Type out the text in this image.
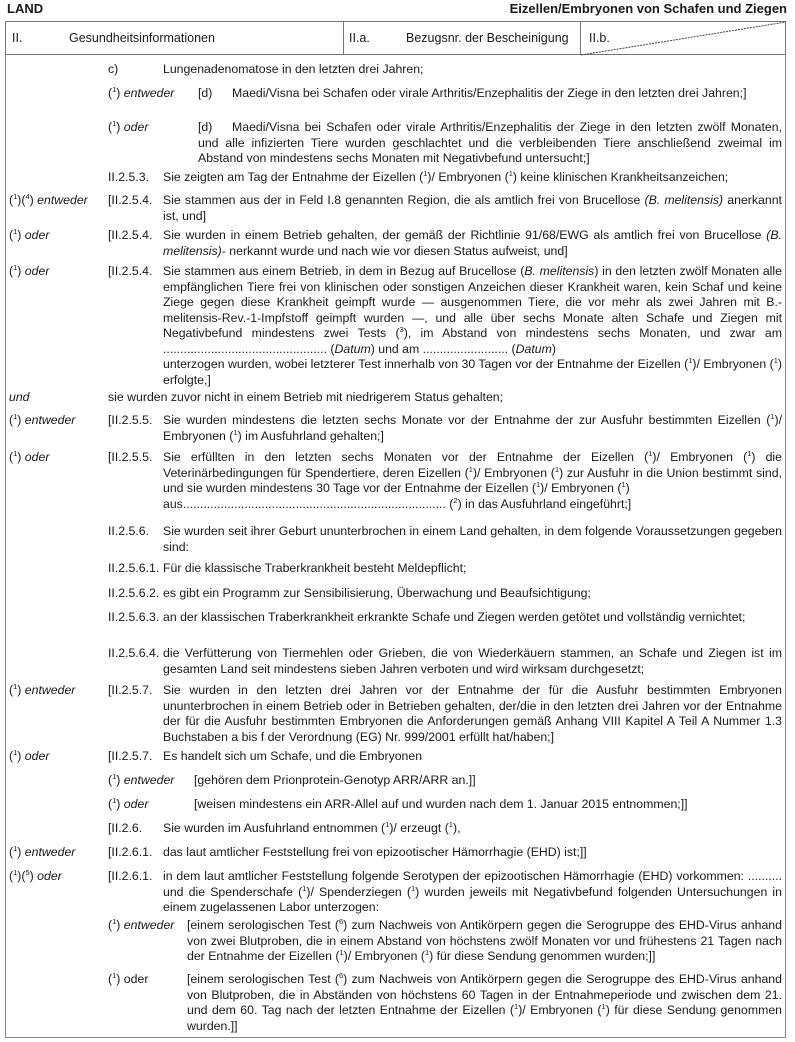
LAND	Eizellen/Embryonen von Schafen und Ziegen
II.	Gesundheitsinformationen	II.a.	Bezugsnr. der Bescheinigung II.b.
c)	Lungenadenomatose in den letzten drei Jahren;
($^1$) entweder [d)	Maedi/Visna bei Schafen oder virale Arthritis/Enzephalitis der Ziege in den letzten drei Jahren;]
($^1$) oder	[d)	Maedi/Visna bei Schafen oder virale Arthritis/Enzephalitis der Ziege in den letzten zwölf Monaten, und alle infizierten Tiere wurden geschlachtet und die verbleibenden Tiere anschließend zweimal im Abstand von mindestens sechs Monaten mit Negativbefund untersucht;]
II.2.5.3. Sie zeigten am Tag der Entnahme der Eizellen ($^1$)/ Embryonen ($^1$) keine klinischen Krankheitsanzeichen;
($^1$)($^4$) entweder [II.2.5.4. Sie stammen aus der in Feld I.8 genannten Region, die als amtlich frei von Brucellose (B. melitensis) anerkannt ist, und]
($^1$) oder	[II.2.5.4. Sie wurden in einem Betrieb gehalten, der gemäß der Richtlinie 91/68/EWG als amtlich frei von Brucellose (B. melitensis)- nerkannt wurde und nach wie vor diesen Status aufweist, und]
($^1$) oder	[II.2.5.4. Sie stammen aus einem Betrieb, in dem in Bezug auf Brucellose (B. melitensis) in den letzten zwölf Monaten alle empfänglichen Tiere frei von klinischen oder sonstigen Anzeichen dieser Krankheit waren, kein Schaf und keine Ziege gegen diese Krankheit geimpft wurde — ausgenommen Tiere, die vor mehr als zwei Jahren mit B.-melitensis-Rev.-1-Impfstoff geimpft wurden —, und alle über sechs Monate alten Schafe und Ziegen mit Negativbefund mindestens zwei Tests ($^3$), im Abstand von mindestens sechs Monaten, und zwar am ................................................ (Datum) und am ......................... (Datum)
unterzogen wurden, wobei letzterer Test innerhalb von 30 Tagen vor der Entnahme der Eizellen ($^1$)/ Embryonen ($^1$) erfolgte,]
und	sie wurden zuvor nicht in einem Betrieb mit niedrigerem Status gehalten;
($^1$) entweder	[II.2.5.5. Sie wurden mindestens die letzten sechs Monate vor der Entnahme der zur Ausfuhr bestimmten Eizellen ($^1$)/ Embryonen ($^1$) im Ausfuhrland gehalten;]
($^1$) oder	[II.2.5.5. Sie erfüllten in den letzten sechs Monaten vor der Entnahme der Eizellen ($^1$)/ Embryonen ($^1$) die Veterinärbedingungen für Spendertiere, deren Eizellen ($^1$)/ Embryonen ($^1$) zur Ausfuhr in die Union bestimmt sind, und sie wurden mindestens 30 Tage vor der Entnahme der Eizellen ($^1$)/ Embryonen ($^1$)
aus............................................................................. ($^2$) in das Ausfuhrland eingeführt;]
II.2.5.6. Sie wurden seit ihrer Geburt ununterbrochen in einem Land gehalten, in dem folgende Voraussetzungen gegeben sind:
II.2.5.6.1. Für die klassische Traberkrankheit besteht Meldepflicht;
II.2.5.6.2. es gibt ein Programm zur Sensibilisierung, Überwachung und Beaufsichtigung;
II.2.5.6.3. an der klassischen Traberkrankheit erkrankte Schafe und Ziegen werden getötet und vollständig vernichtet;
II.2.5.6.4. die Verfütterung von Tiermehlen oder Grieben, die von Wiederkäuern stammen, an Schafe und Ziegen ist im gesamten Land seit mindestens sieben Jahren verboten und wird wirksam durchgesetzt;
($^1$) entweder	[II.2.5.7. Sie wurden in den letzten drei Jahren vor der Entnahme der für die Ausfuhr bestimmten Embryonen ununterbrochen in einem Betrieb oder in Betrieben gehalten, der/die in den letzten drei Jahren vor der Entnahme der für die Ausfuhr bestimmten Embryonen die Anforderungen gemäß Anhang VIII Kapitel A Teil A Nummer 1.3 Buchstaben a bis f der Verordnung (EG) Nr. 999/2001 erfüllt hat/haben;]
($^1$) oder	[II.2.5.7. Es handelt sich um Schafe, und die Embryonen
($^1$) entweder [gehören dem Prionprotein-Genotyp ARR/ARR an.]]
($^1$) oder	[weisen mindestens ein ARR-Allel auf und wurden nach dem 1. Januar 2015 entnommen;]]
[II.2.6. Sie wurden im Ausfuhrland entnommen ($^1$)/ erzeugt ($^1$),
($^1$) entweder	[II.2.6.1. das laut amtlicher Feststellung frei von epizootischer Hämorrhagie (EHD) ist;]]
($^1$)($^5$) oder	[II.2.6.1. in dem laut amtlicher Feststellung folgende Serotypen der epizootischen Hämorrhagie (EHD) vorkommen: .......... und die Spenderschafe ($^1$)/ Spenderziegen ($^1$) wurden jeweils mit Negativbefund folgenden Untersuchungen in einem zugelassenen Labor unterzogen:
($^1$) entweder [einem serologischen Test ($^6$) zum Nachweis von Antikörpern gegen die Serogruppe des EHD-Virus anhand von zwei Blutproben, die in einem Abstand von höchstens zwölf Monaten vor und frühestens 21 Tagen nach der Entnahme der Eizellen ($^1$)/ Embryonen ($^1$) für diese Sendung genommen wurden;]]
($^1$) oder	[einem serologischen Test ($^6$) zum Nachweis von Antikörpern gegen die Serogruppe des EHD-Virus anhand von Blutproben, die in Abständen von höchstens 60 Tagen in der Entnahmeperiode und zwischen dem 21. und dem 60. Tag nach der letzten Entnahme der Eizellen ($^1$)/ Embryonen ($^1$) für diese Sendung genommen wurden.]]
